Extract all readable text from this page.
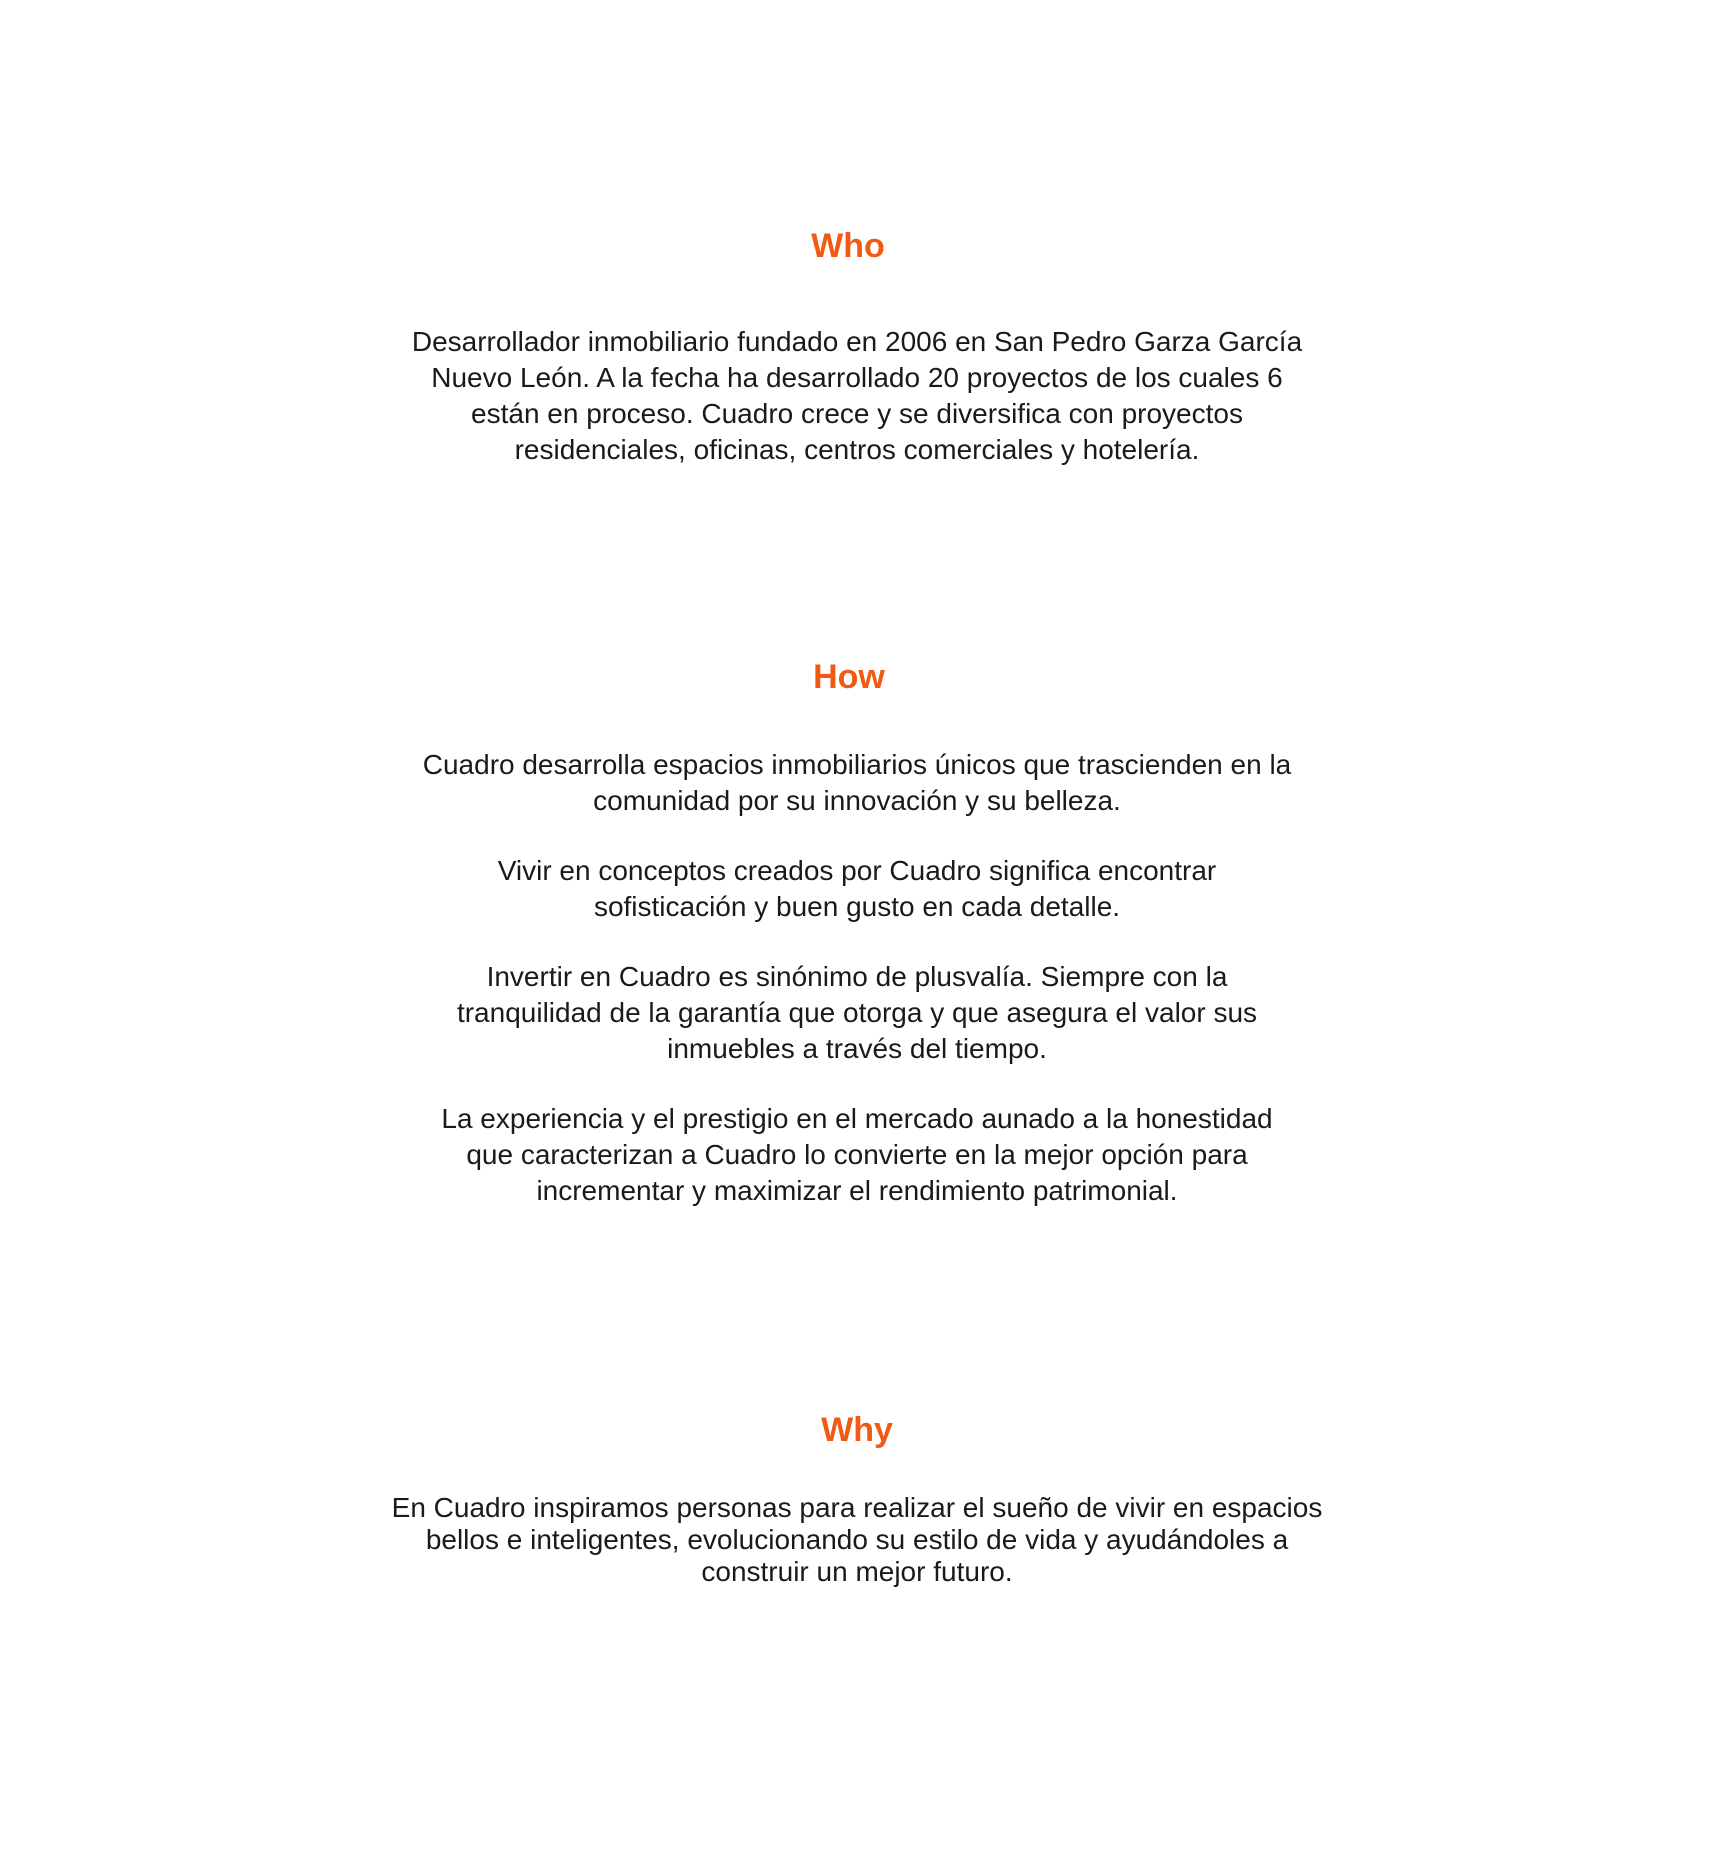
Who

Desarrollador inmobiliario fundado en 2006 en San Pedro Garza García
Nuevo León. A la fecha ha desarrollado 20 proyectos de los cuales 6
están en proceso. Cuadro crece y se diversifica con proyectos
residenciales, oficinas, centros comerciales y hotelería.

How

Cuadro desarrolla espacios inmobiliarios únicos que trascienden en la
comunidad por su innovación y su belleza.

Vivir en conceptos creados por Cuadro significa encontrar
sofisticación y buen gusto en cada detalle.

Invertir en Cuadro es sinónimo de plusvalía. Siempre con la
tranquilidad de la garantía que otorga y que asegura el valor sus
inmuebles a través del tiempo.

La experiencia y el prestigio en el mercado aunado a la honestidad
que caracterizan a Cuadro lo convierte en la mejor opción para
incrementar y maximizar el rendimiento patrimonial.

Why

En Cuadro inspiramos personas para realizar el sueño de vivir en espacios
bellos e inteligentes, evolucionando su estilo de vida y ayudándoles a
construir un mejor futuro.
